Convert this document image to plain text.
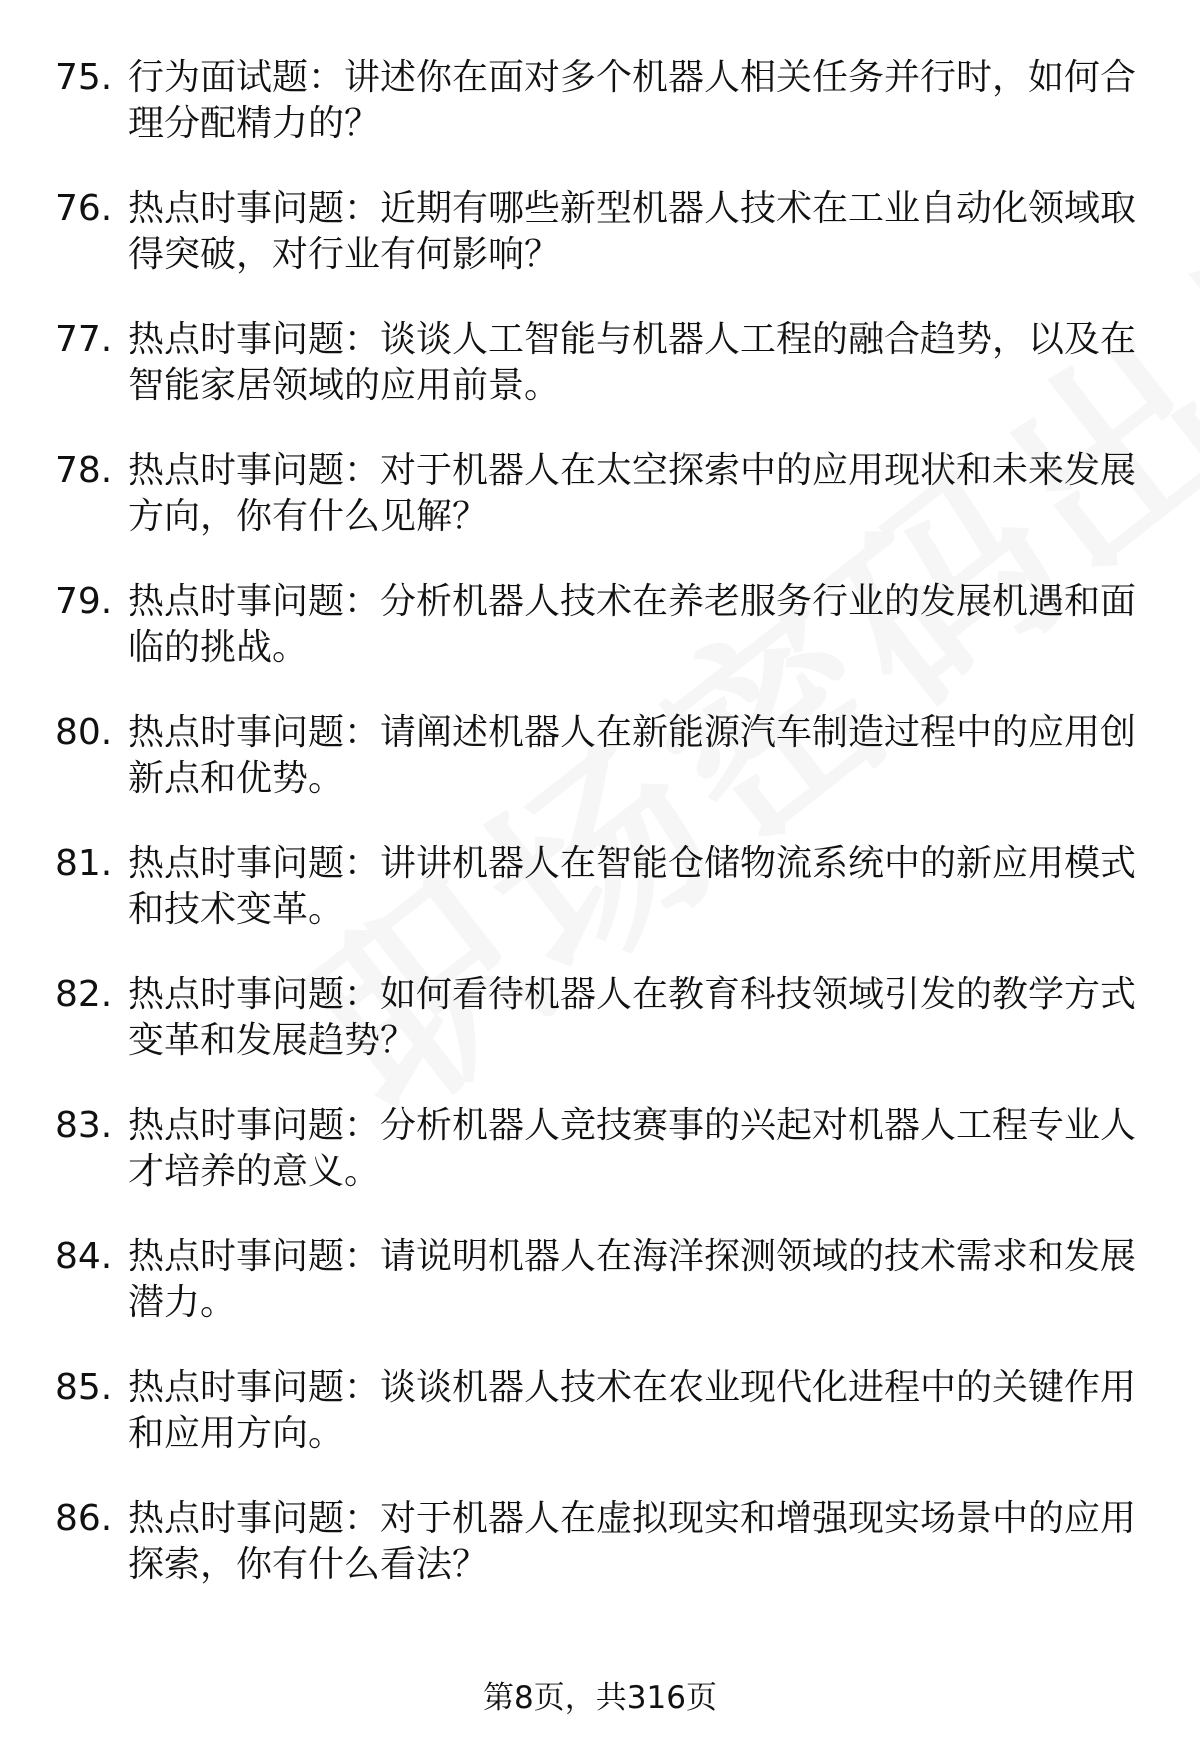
75. 行为面试题：讲述你在面对多个机器人相关任务并行时，如何合理分配精力的？
76. 热点时事问题：近期有哪些新型机器人技术在工业自动化领域取得突破，对行业有何影响？
77. 热点时事问题：谈谈人工智能与机器人工程的融合趋势，以及在智能家居领域的应用前景。
78. 热点时事问题：对于机器人在太空探索中的应用现状和未来发展方向，你有什么见解？
79. 热点时事问题：分析机器人技术在养老服务行业的发展机遇和面临的挑战。
80. 热点时事问题：请阐述机器人在新能源汽车制造过程中的应用创新点和优势。
81. 热点时事问题：讲讲机器人在智能仓储物流系统中的新应用模式和技术变革。
82. 热点时事问题：如何看待机器人在教育科技领域引发的教学方式变革和发展趋势？
83. 热点时事问题：分析机器人竞技赛事的兴起对机器人工程专业人才培养的意义。
84. 热点时事问题：请说明机器人在海洋探测领域的技术需求和发展潜力。
85. 热点时事问题：谈谈机器人技术在农业现代化进程中的关键作用和应用方向。
86. 热点时事问题：对于机器人在虚拟现实和增强现实场景中的应用探索，你有什么看法？
第8页，共316页
